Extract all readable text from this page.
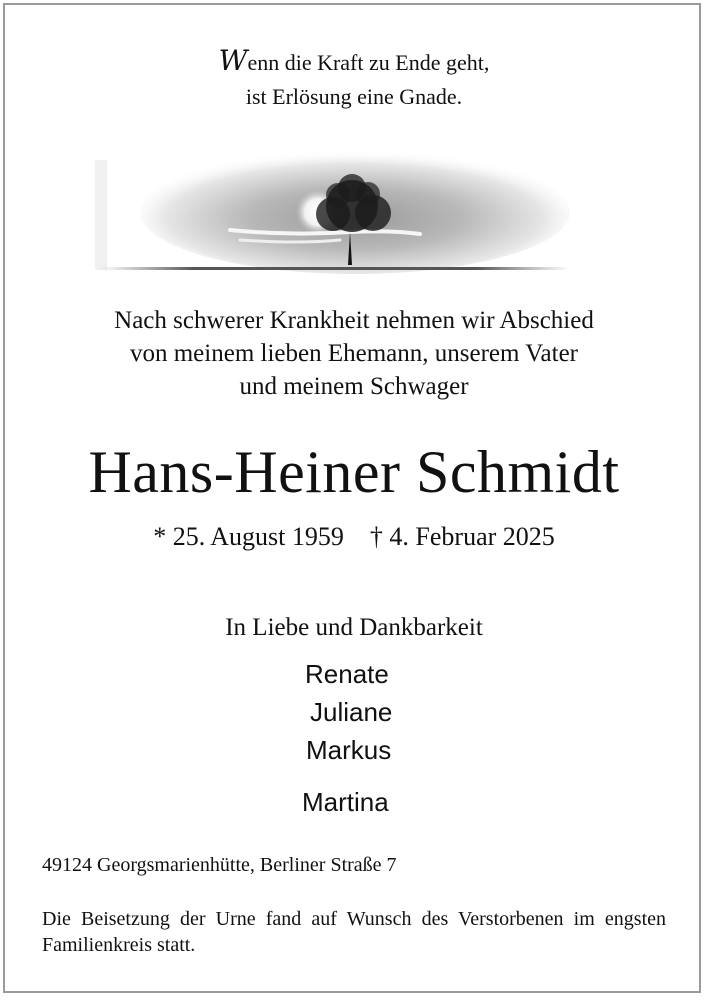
Wenn die Kraft zu Ende geht,
ist Erlösung eine Gnade.
Nach schwerer Krankheit nehmen wir Abschied
von meinem lieben Ehemann, unserem Vater
und meinem Schwager
Hans-Heiner Schmidt
* 25. August 1959 † 4. Februar 2025
In Liebe und Dankbarkeit
Renate
Juliane
Markus
Martina
49124 Georgsmarienhütte, Berliner Straße 7
Die Beisetzung der Urne fand auf Wunsch des Verstorbenen im engsten Familienkreis statt.
